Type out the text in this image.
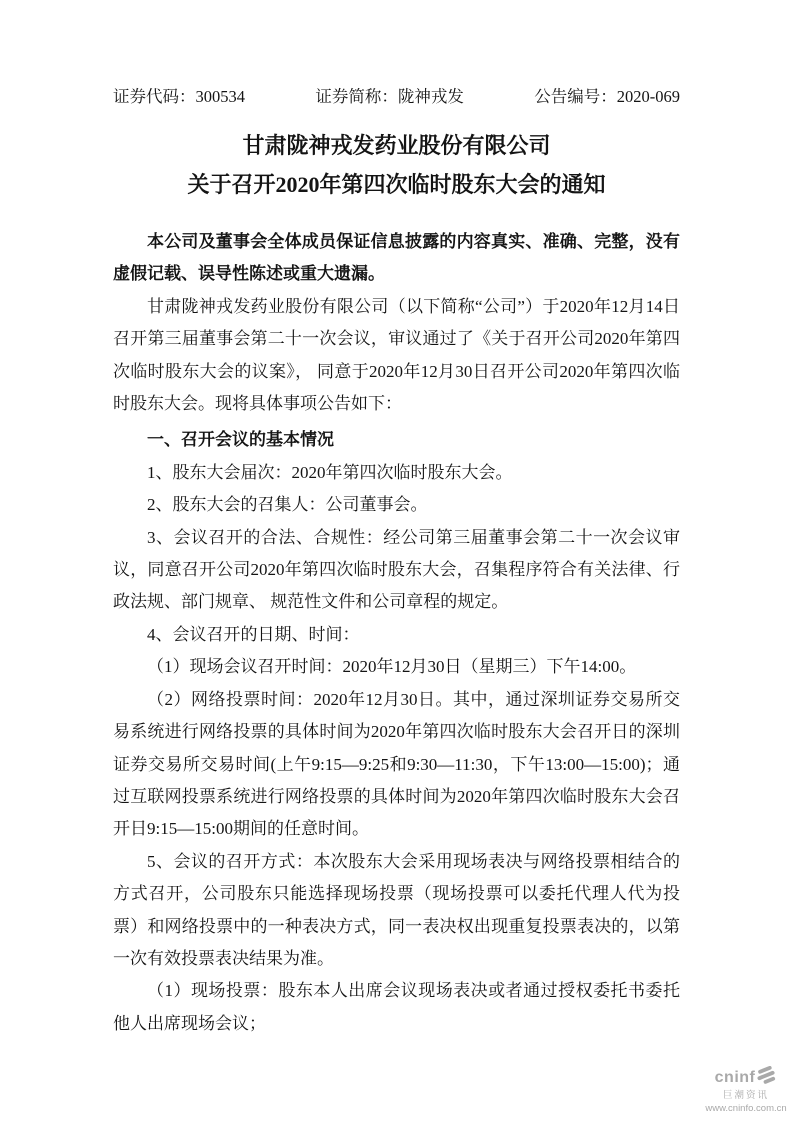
证券代码：300534	证券简称：陇神戎发	公告编号：2020-069
甘肃陇神戎发药业股份有限公司
关于召开2020年第四次临时股东大会的通知

本公司及董事会全体成员保证信息披露的内容真实、准确、完整，没有虚假记载、误导性陈述或重大遗漏。

甘肃陇神戎发药业股份有限公司（以下简称“公司”）于2020年12月14日召开第三届董事会第二十一次会议，审议通过了《关于召开公司2020年第四次临时股东大会的议案》， 同意于2020年12月30日召开公司2020年第四次临时股东大会。现将具体事项公告如下：

一、召开会议的基本情况

1、股东大会届次：2020年第四次临时股东大会。

2、股东大会的召集人：公司董事会。

3、会议召开的合法、合规性：经公司第三届董事会第二十一次会议审议，同意召开公司2020年第四次临时股东大会，召集程序符合有关法律、行政法规、部门规章、 规范性文件和公司章程的规定。

4、会议召开的日期、时间：

（1）现场会议召开时间：2020年12月30日（星期三）下午14:00。

（2）网络投票时间：2020年12月30日。其中，通过深圳证券交易所交易系统进行网络投票的具体时间为2020年第四次临时股东大会召开日的深圳证券交易所交易时间(上午9:15—9:25和9:30—11:30，下午13:00—15:00)；通过互联网投票系统进行网络投票的具体时间为2020年第四次临时股东大会召开日9:15—15:00期间的任意时间。

5、会议的召开方式：本次股东大会采用现场表决与网络投票相结合的方式召开，公司股东只能选择现场投票（现场投票可以委托代理人代为投票）和网络投票中的一种表决方式，同一表决权出现重复投票表决的，以第一次有效投票表决结果为准。

（1）现场投票：股东本人出席会议现场表决或者通过授权委托书委托他人出席现场会议；

cninf
巨潮资讯
www.cninfo.com.cn
